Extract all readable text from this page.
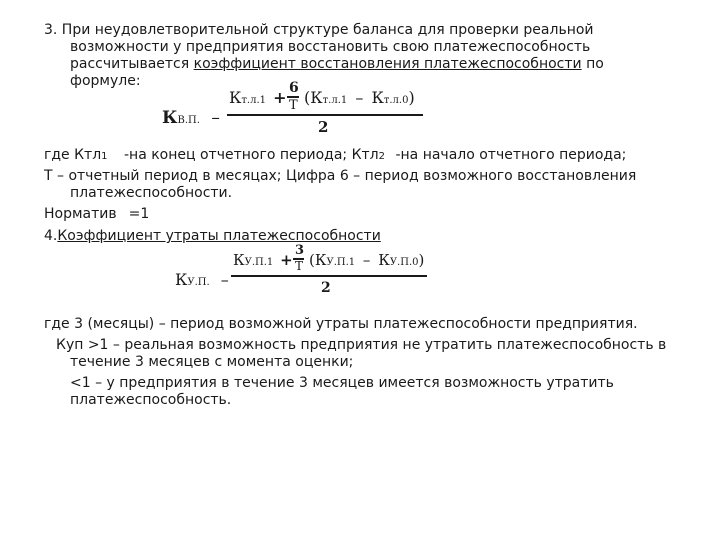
3. При неудовлетворительной структуре баланса для проверки реальной
возможности у предприятия восстановить свою платежеспособность
рассчитывается коэффициент восстановления платежеспособности по
формуле:
КВ.П. –
Кт.л.1 + 6
Т (Кт.л.1 – Кт.л.0)
2
где Ктл1 -на конец отчетного периода; Ктл2 -на начало отчетного периода;
Т – отчетный период в месяцах; Цифра 6 – период возможного восстановления
платежеспособности.
Норматив =1
4.Коэффициент утраты платежеспособности
КУ.П. –
КУ.П.1 +
3
Т (КУ.П.1 – КУ.П.0)
2
где 3 (месяцы) – период возможной утраты платежеспособности предприятия.
Куп >1 – реальная возможность предприятия не утратить платежеспособность в
течение 3 месяцев с момента оценки;
<1 – у предприятия в течение 3 месяцев имеется возможность утратить
платежеспособность.
